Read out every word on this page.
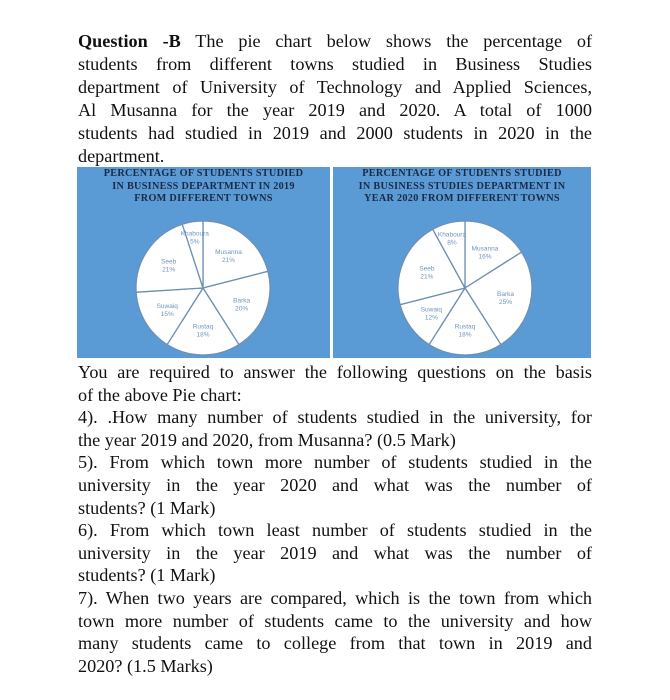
Question -B The pie chart below shows the percentage of
students from different towns studied in Business Studies
department of University of Technology and Applied Sciences,
Al Musanna for the year 2019 and 2020. A total of 1000
students had studied in 2019 and 2000 students in 2020 in the
department.
PERCENTAGE OF STUDENTS STUDIED
IN BUSINESS DEPARTMENT IN 2019
FROM DIFFERENT TOWNS
Musanna
21%
Barka
20%
Rustaq
18%
Suwaiq
15%
Seeb
21%
Khaboura
5%
PERCENTAGE OF STUDENTS STUDIED
IN BUSINESS STUDIES DEPARTMENT IN
YEAR 2020 FROM DIFFERENT TOWNS
Musanna
16%
Barka
25%
Rustaq
18%
Suwaiq
12%
Seeb
21%
Khaboura
8%
You are required to answer the following questions on the basis
of the above Pie chart:
4). .How many number of students studied in the university, for
the year 2019 and 2020, from Musanna? (0.5 Mark)
5). From which town more number of students studied in the
university in the year 2020 and what was the number of
students? (1 Mark)
6). From which town least number of students studied in the
university in the year 2019 and what was the number of
students? (1 Mark)
7). When two years are compared, which is the town from which
town more number of students came to the university and how
many students came to college from that town in 2019 and
2020? (1.5 Marks)
